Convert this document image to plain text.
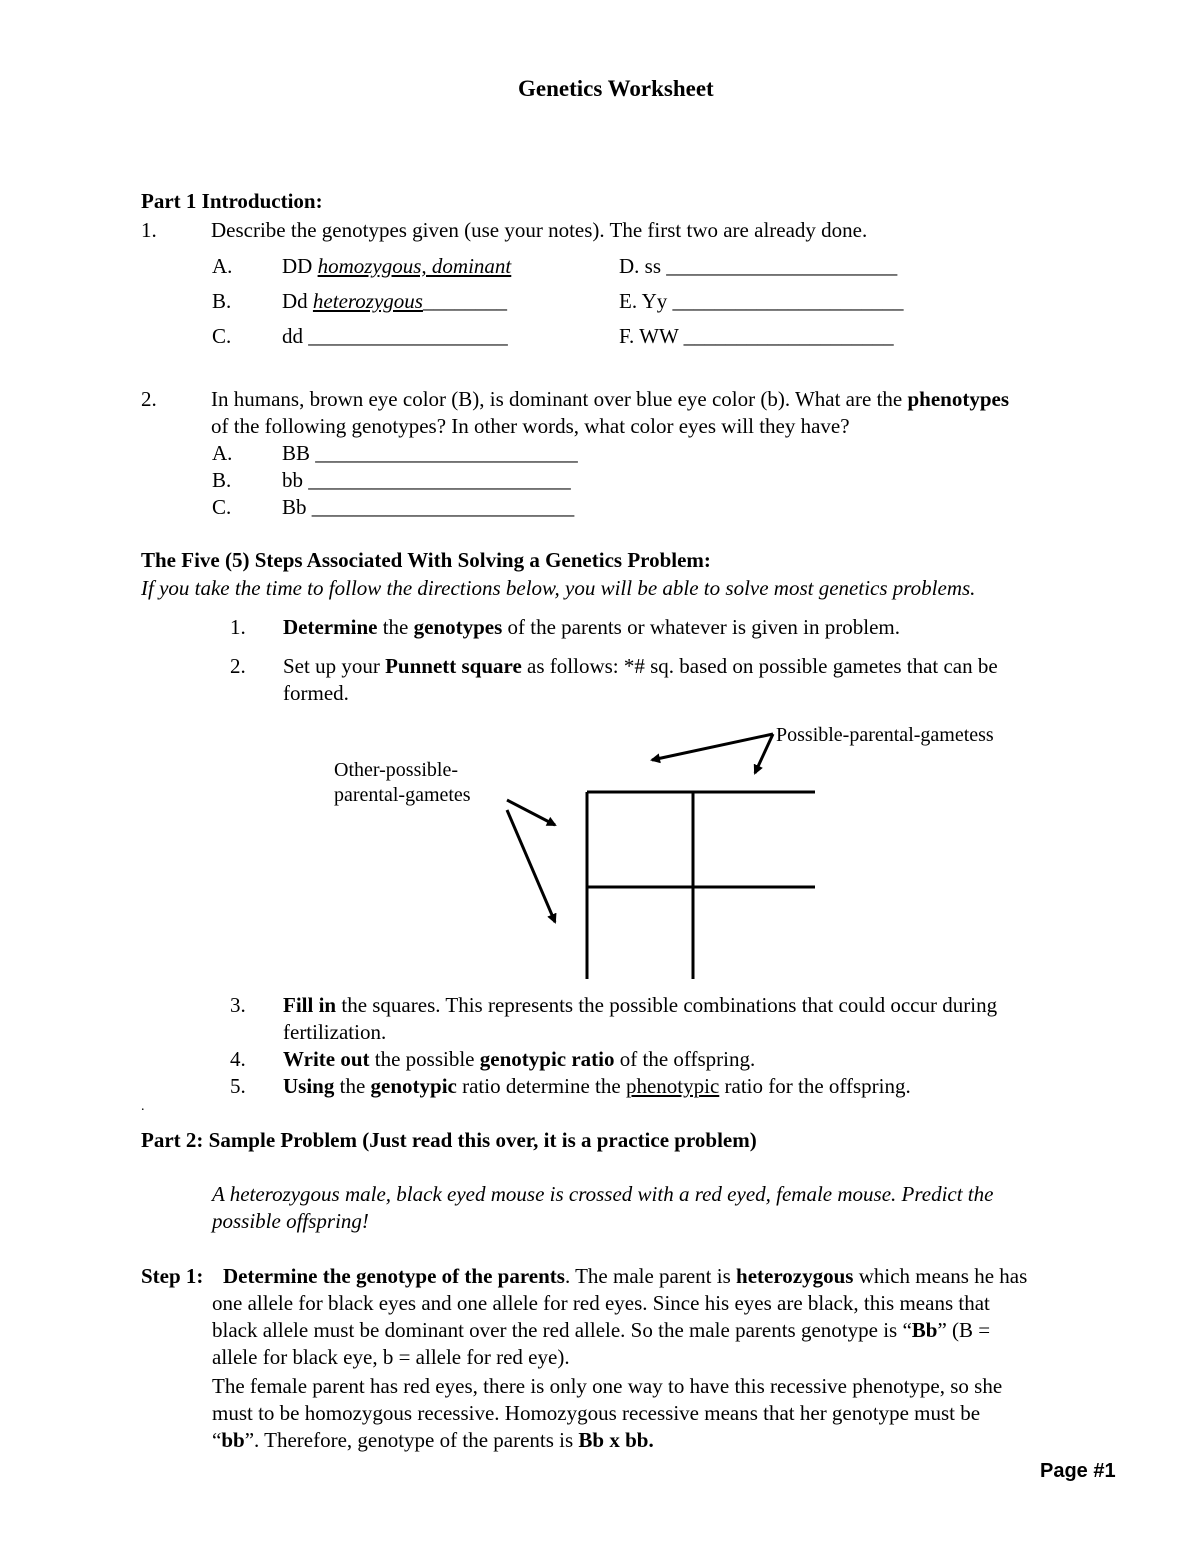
Genetics Worksheet
Part 1 Introduction:
1.	Describe the genotypes given (use your notes). The first two are already done.
A. DD homozygous, dominant
B. Dd heterozygous________
C. dd ___________________
D. ss ______________________
E. Yy ______________________
F. WW ____________________
2.	In humans, brown eye color (B), is dominant over blue eye color (b). What are the phenotypes
of the following genotypes? In other words, what color eyes will they have?
A. BB _________________________
B. bb _________________________
C. Bb _________________________
The Five (5) Steps Associated With Solving a Genetics Problem:
If you take the time to follow the directions below, you will be able to solve most genetics problems.
1. Determine the genotypes of the parents or whatever is given in problem.
2. Set up your Punnett square as follows: *# sq. based on possible gametes that can be
formed.
Possible-parental-gametess
Other-possible-
parental-gametes
3. Fill in the squares. This represents the possible combinations that could occur during
fertilization.
4. Write out the possible genotypic ratio of the offspring.
5. Using the genotypic ratio determine the phenotypic ratio for the offspring.
.
Part 2: Sample Problem (Just read this over, it is a practice problem)
A heterozygous male, black eyed mouse is crossed with a red eyed, female mouse. Predict the
possible offspring!
Step 1: Determine the genotype of the parents. The male parent is heterozygous which means he has
one allele for black eyes and one allele for red eyes. Since his eyes are black, this means that
black allele must be dominant over the red allele. So the male parents genotype is “Bb” (B =
allele for black eye, b = allele for red eye).
The female parent has red eyes, there is only one way to have this recessive phenotype, so she
must to be homozygous recessive. Homozygous recessive means that her genotype must be
“bb”. Therefore, genotype of the parents is Bb x bb.
Page #1
